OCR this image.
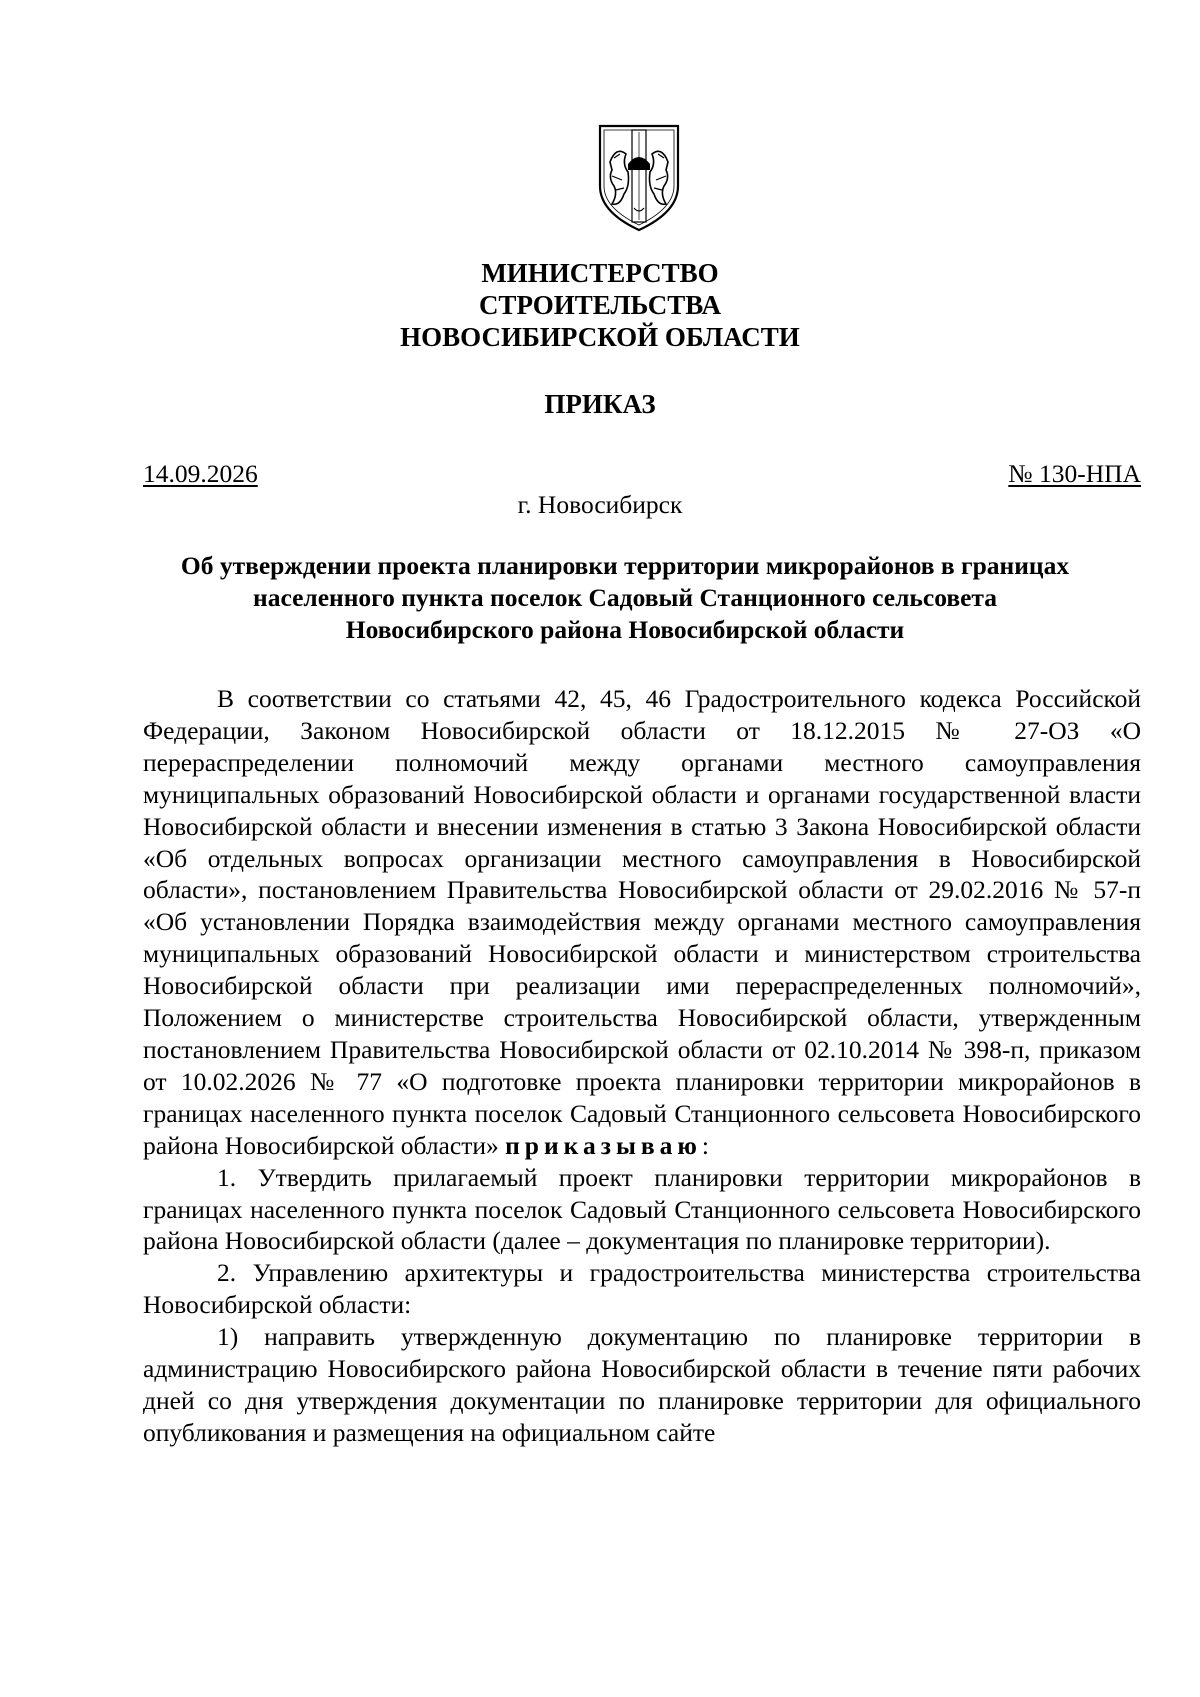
МИНИСТЕРСТВО
СТРОИТЕЛЬСТВА
НОВОСИБИРСКОЙ ОБЛАСТИ
ПРИКАЗ
14.09.2026	№ 130-НПА
г. Новосибирск
Об утверждении проекта планировки территории микрорайонов в границах
населенного пункта поселок Садовый Станционного сельсовета
Новосибирского района Новосибирской области

В соответствии со статьями 42, 45, 46 Градостроительного кодекса Российской Федерации, Законом Новосибирской области от 18.12.2015 № 27-ОЗ «О перераспределении полномочий между органами местного самоуправления муниципальных образований Новосибирской области и органами государственной власти Новосибирской области и внесении изменения в статью 3 Закона Новосибирской области «Об отдельных вопросах организации местного самоуправления в Новосибирской области», постановлением Правительства Новосибирской области от 29.02.2016 № 57-п «Об установлении Порядка взаимодействия между органами местного самоуправления муниципальных образований Новосибирской области и министерством строительства Новосибирской области при реализации ими перераспределенных полномочий», Положением о министерстве строительства Новосибирской области, утвержденным постановлением Правительства Новосибирской области от 02.10.2014 № 398-п, приказом от 10.02.2026 № 77 «О подготовке проекта планировки территории микрорайонов в границах населенного пункта поселок Садовый Станционного сельсовета Новосибирского района Новосибирской области» приказываю:

1. Утвердить прилагаемый проект планировки территории микрорайонов в границах населенного пункта поселок Садовый Станционного сельсовета Новосибирского района Новосибирской области (далее – документация по планировке территории).

2. Управлению архитектуры и градостроительства министерства строительства Новосибирской области:

1) направить утвержденную документацию по планировке территории в администрацию Новосибирского района Новосибирской области в течение пяти рабочих дней со дня утверждения документации по планировке территории для официального опубликования и размещения на официальном сайте
